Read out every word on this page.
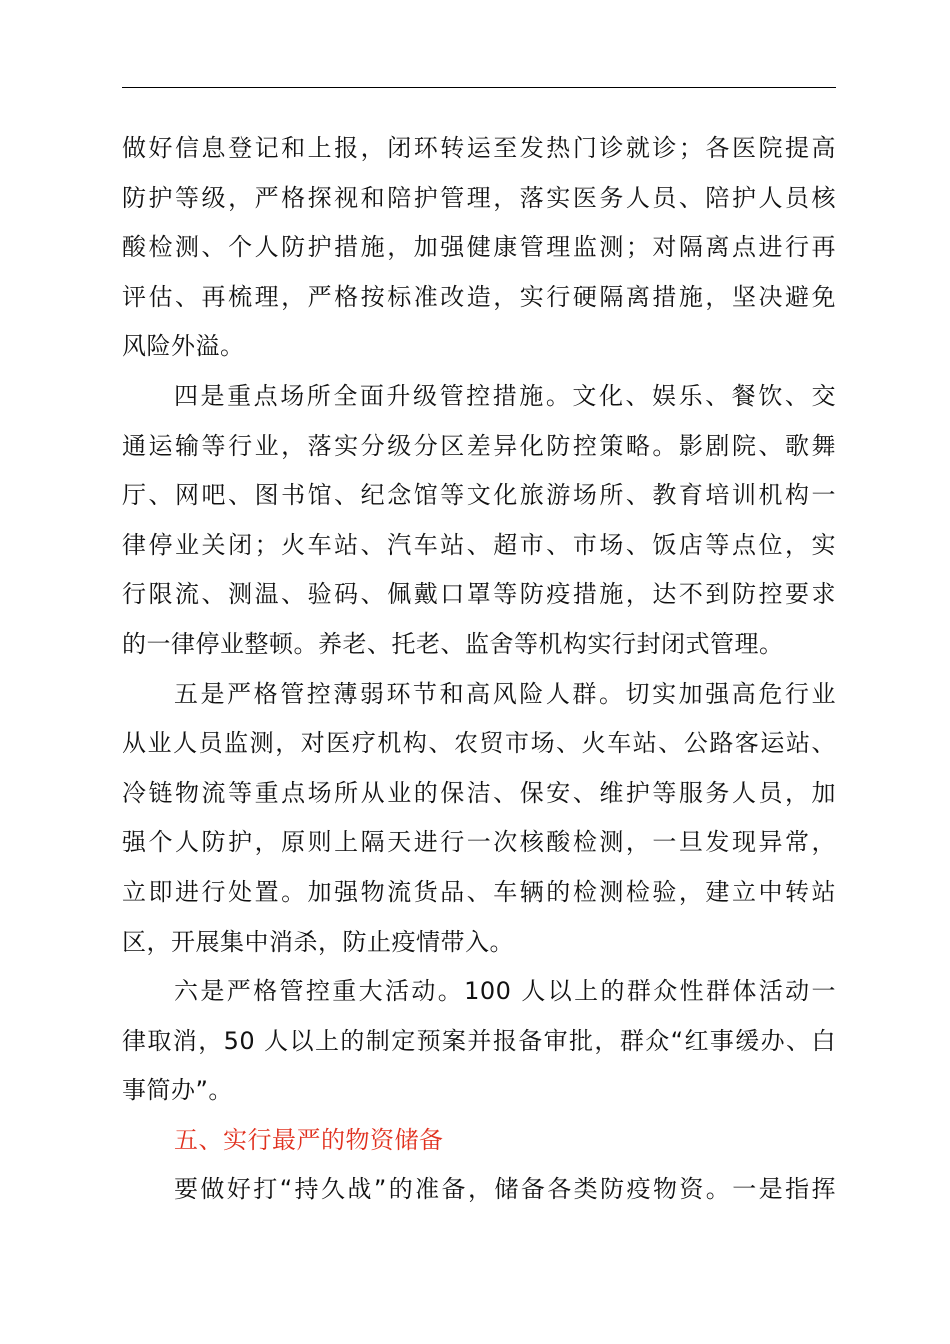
做好信息登记和上报，闭环转运至发热门诊就诊；各医院提高
防护等级，严格探视和陪护管理，落实医务人员、陪护人员核
酸检测、个人防护措施，加强健康管理监测；对隔离点进行再
评估、再梳理，严格按标准改造，实行硬隔离措施，坚决避免
风险外溢。
四是重点场所全面升级管控措施。文化、娱乐、餐饮、交
通运输等行业，落实分级分区差异化防控策略。影剧院、歌舞
厅、网吧、图书馆、纪念馆等文化旅游场所、教育培训机构一
律停业关闭；火车站、汽车站、超市、市场、饭店等点位，实
行限流、测温、验码、佩戴口罩等防疫措施，达不到防控要求
的一律停业整顿。养老、托老、监舍等机构实行封闭式管理。
五是严格管控薄弱环节和高风险人群。切实加强高危行业
从业人员监测，对医疗机构、农贸市场、火车站、公路客运站、
冷链物流等重点场所从业的保洁、保安、维护等服务人员，加
强个人防护，原则上隔天进行一次核酸检测，一旦发现异常，
立即进行处置。加强物流货品、车辆的检测检验，建立中转站
区，开展集中消杀，防止疫情带入。
六是严格管控重大活动。100 人以上的群众性群体活动一
律取消，50 人以上的制定预案并报备审批，群众“红事缓办、白
事简办”。
五、实行最严的物资储备
要做好打“持久战”的准备，储备各类防疫物资。一是指挥
